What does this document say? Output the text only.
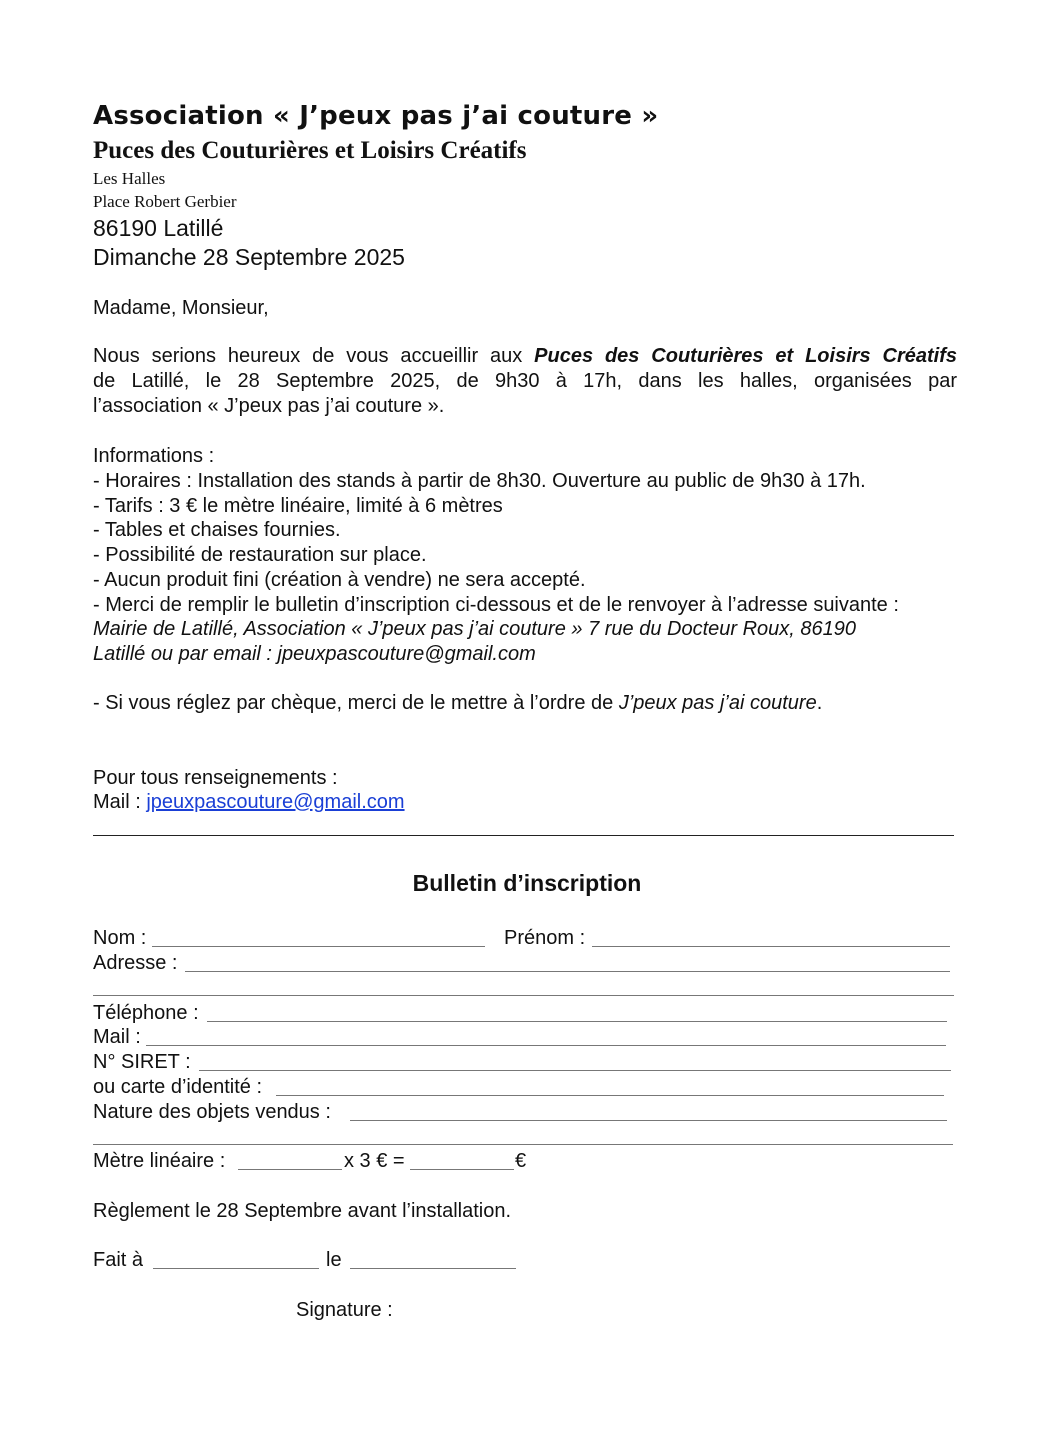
Association « J’peux pas j’ai couture »
Puces des Couturières et Loisirs Créatifs
Les Halles
Place Robert Gerbier
86190 Latillé
Dimanche 28 Septembre 2025
Madame, Monsieur,
Nous serions heureux de vous accueillir aux Puces des Couturières et Loisirs Créatifs
de Latillé, le 28 Septembre 2025, de 9h30 à 17h, dans les halles, organisées par
l’association « J’peux pas j’ai couture ».
Informations :
- Horaires : Installation des stands à partir de 8h30. Ouverture au public de 9h30 à 17h.
- Tarifs : 3 € le mètre linéaire, limité à 6 mètres
- Tables et chaises fournies.
- Possibilité de restauration sur place.
- Aucun produit fini (création à vendre) ne sera accepté.
- Merci de remplir le bulletin d’inscription ci-dessous et de le renvoyer à l’adresse suivante :
Mairie de Latillé, Association « J’peux pas j’ai couture » 7 rue du Docteur Roux, 86190
Latillé ou par email : jpeuxpascouture@gmail.com
- Si vous réglez par chèque, merci de le mettre à l’ordre de J’peux pas j’ai couture.
Pour tous renseignements :
Mail : jpeuxpascouture@gmail.com
Bulletin d’inscription
Nom :	Prénom :
Adresse :
Téléphone :
Mail :
N° SIRET :
ou carte d’identité :
Nature des objets vendus :
Mètre linéaire :	x 3 € =	€
Règlement le 28 Septembre avant l’installation.
Fait à	le
Signature :
